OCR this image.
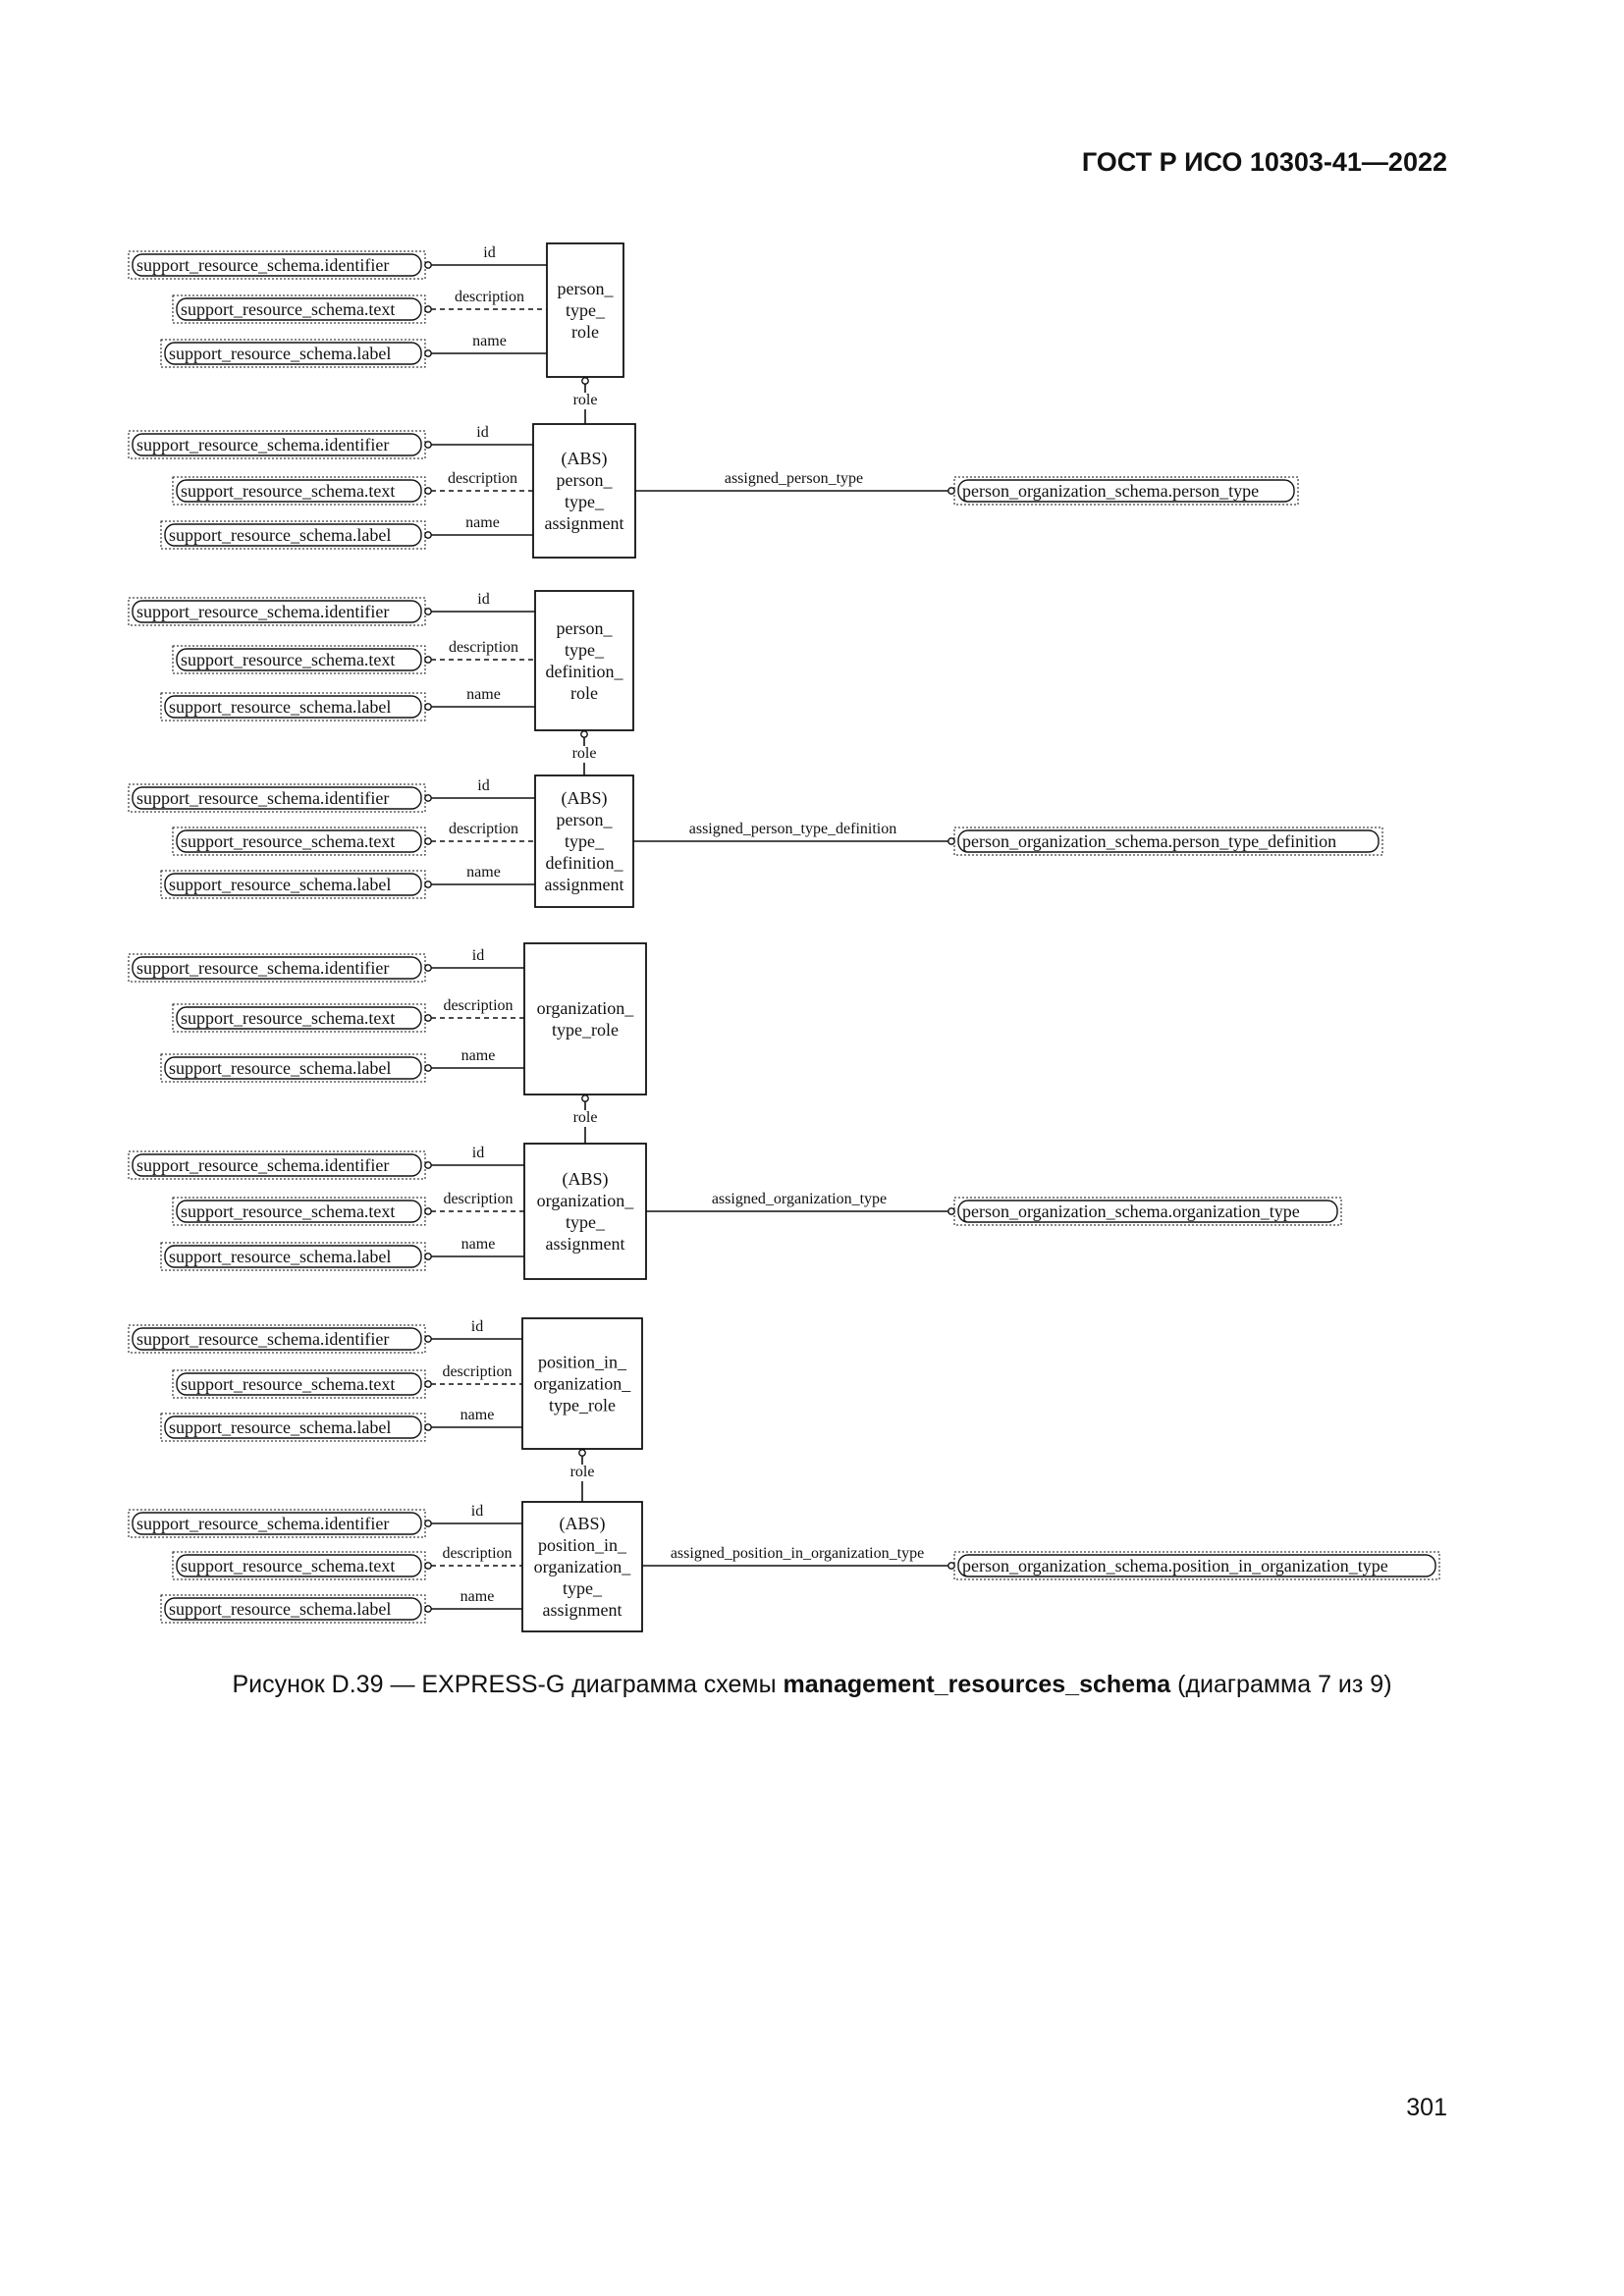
ГОСТ Р ИСО 10303-41—2022
support_resource_schema.identifier
id
support_resource_schema.text
description
support_resource_schema.label
name
person_
type_
role
role
support_resource_schema.identifier
id
support_resource_schema.text
description
support_resource_schema.label
name
(ABS)
person_
type_
assignment
assigned_person_type
person_organization_schema.person_type
support_resource_schema.identifier
id
support_resource_schema.text
description
support_resource_schema.label
name
person_
type_
definition_
role
role
support_resource_schema.identifier
id
support_resource_schema.text
description
support_resource_schema.label
name
(ABS)
person_
type_
definition_
assignment
assigned_person_type_definition
person_organization_schema.person_type_definition
support_resource_schema.identifier
id
support_resource_schema.text
description
support_resource_schema.label
name
organization_
type_role
role
support_resource_schema.identifier
id
support_resource_schema.text
description
support_resource_schema.label
name
(ABS)
organization_
type_
assignment
assigned_organization_type
person_organization_schema.organization_type
support_resource_schema.identifier
id
support_resource_schema.text
description
support_resource_schema.label
name
position_in_
organization_
type_role
role
support_resource_schema.identifier
id
support_resource_schema.text
description
support_resource_schema.label
name
(ABS)
position_in_
organization_
type_
assignment
assigned_position_in_organization_type
person_organization_schema.position_in_organization_type
Рисунок D.39 — EXPRESS-G диаграмма схемы management_resources_schema (диаграмма 7 из 9)
301
